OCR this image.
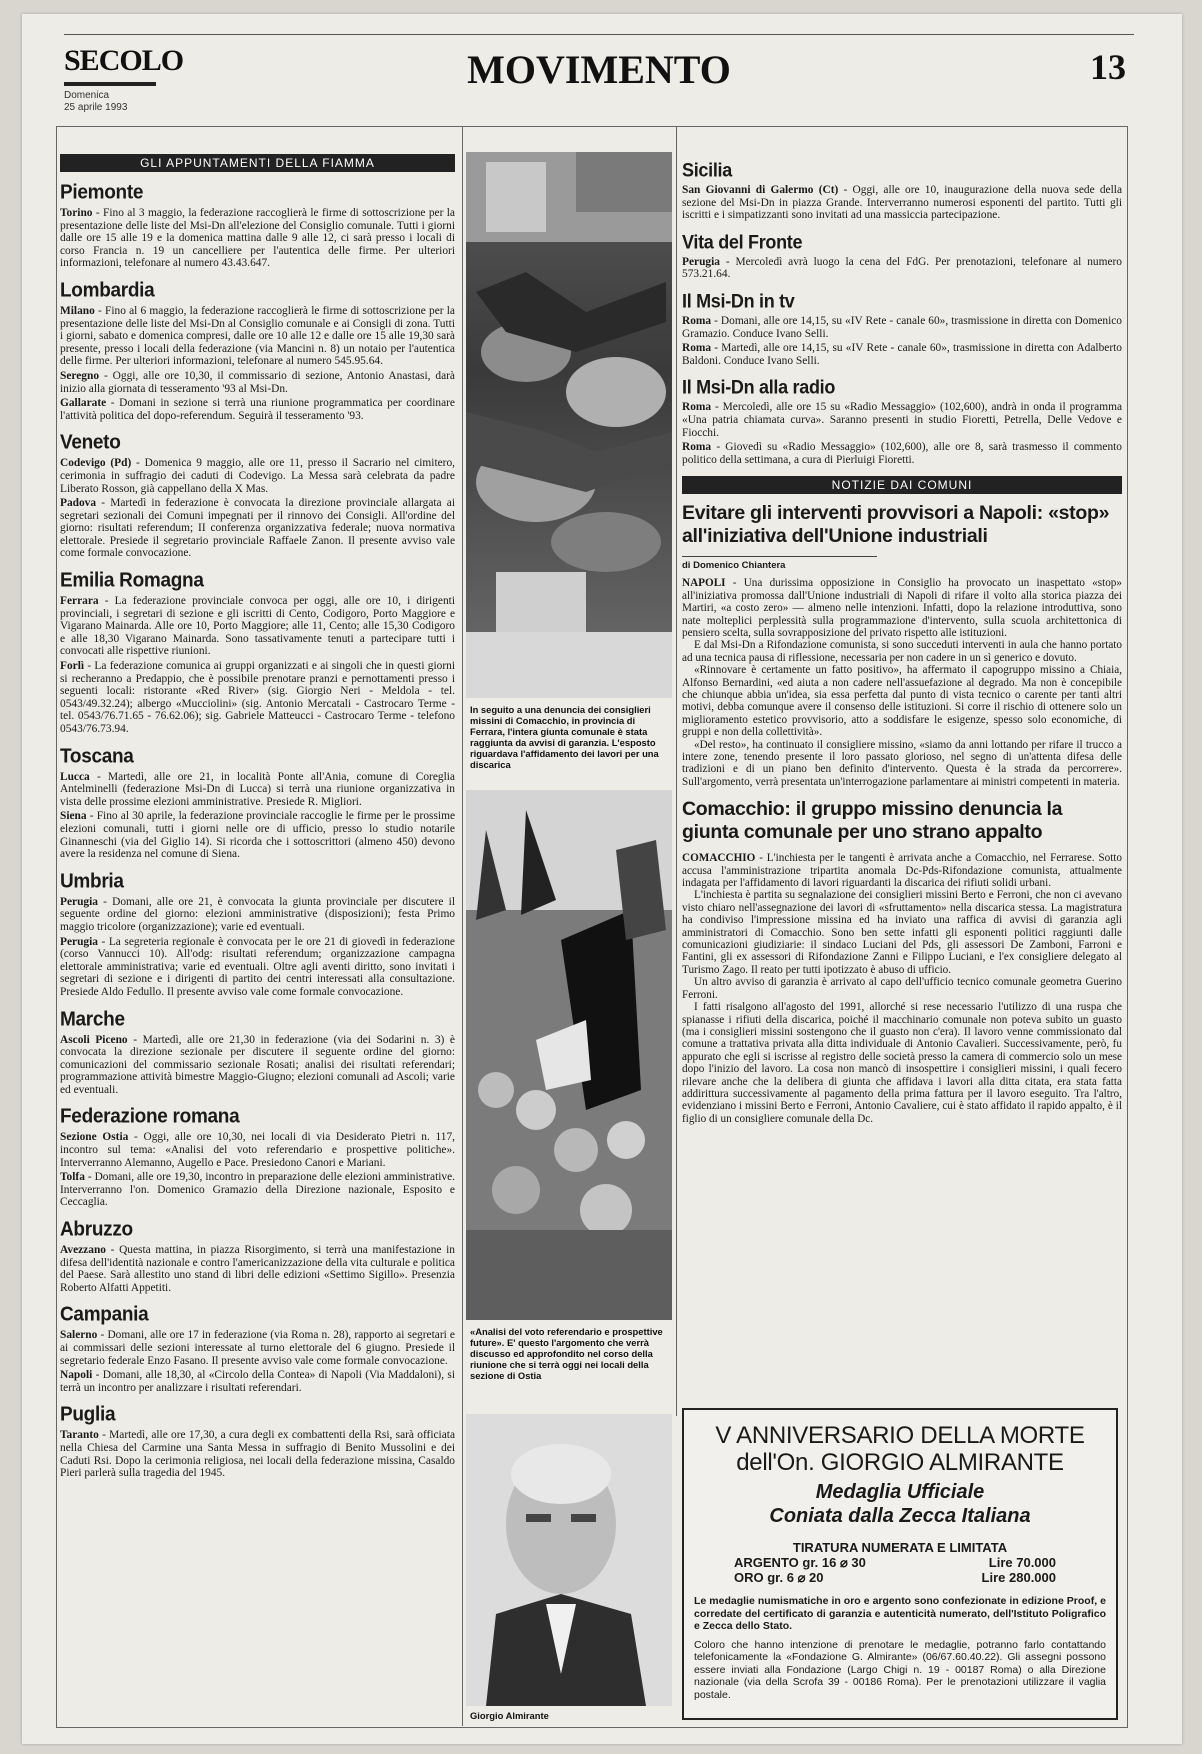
SECOLO
Domenica
25 aprile 1993
MOVIMENTO	13
GLI APPUNTAMENTI DELLA FIAMMA
Piemonte

Torino - Fino al 3 maggio, la federazione raccoglierà le firme di sottoscrizione per la presentazione delle liste del Msi-Dn all'elezione del Consiglio comunale. Tutti i giorni dalle ore 15 alle 19 e la domenica mattina dalle 9 alle 12, ci sarà presso i locali di corso Francia n. 19 un cancelliere per l'autentica delle firme. Per ulteriori informazioni, telefonare al numero 43.43.647.

Lombardia

Milano - Fino al 6 maggio, la federazione raccoglierà le firme di sottoscrizione per la presentazione delle liste del Msi-Dn al Consiglio comunale e ai Consigli di zona. Tutti i giorni, sabato e domenica compresi, dalle ore 10 alle 12 e dalle ore 15 alle 19,30 sarà presente, presso i locali della federazione (via Mancini n. 8) un notaio per l'autentica delle firme. Per ulteriori informazioni, telefonare al numero 545.95.64.

Seregno - Oggi, alle ore 10,30, il commissario di sezione, Antonio Anastasi, darà inizio alla giornata di tesseramento '93 al Msi-Dn.

Gallarate - Domani in sezione si terrà una riunione programmatica per coordinare l'attività politica del dopo-referendum. Seguirà il tesseramento '93.

Veneto

Codevigo (Pd) - Domenica 9 maggio, alle ore 11, presso il Sacrario nel cimitero, cerimonia in suffragio dei caduti di Codevigo. La Messa sarà celebrata da padre Liberato Rosson, già cappellano della X Mas.

Padova - Martedì in federazione è convocata la direzione provinciale allargata ai segretari sezionali dei Comuni impegnati per il rinnovo dei Consigli. All'ordine del giorno: risultati referendum; II conferenza organizzativa federale; nuova normativa elettorale. Presiede il segretario provinciale Raffaele Zanon. Il presente avviso vale come formale convocazione.

Emilia Romagna

Ferrara - La federazione provinciale convoca per oggi, alle ore 10, i dirigenti provinciali, i segretari di sezione e gli iscritti di Cento, Codigoro, Porto Maggiore e Vigarano Mainarda. Alle ore 10, Porto Maggiore; alle 11, Cento; alle 15,30 Codigoro e alle 18,30 Vigarano Mainarda. Sono tassativamente tenuti a partecipare tutti i convocati alle rispettive riunioni.

Forlì - La federazione comunica ai gruppi organizzati e ai singoli che in questi giorni si recheranno a Predappio, che è possibile prenotare pranzi e pernottamenti presso i seguenti locali: ristorante «Red River» (sig. Giorgio Neri - Meldola - tel. 0543/49.32.24); albergo «Mucciolini» (sig. Antonio Mercatali - Castrocaro Terme - tel. 0543/76.71.65 - 76.62.06); sig. Gabriele Matteucci - Castrocaro Terme - telefono 0543/76.73.94.

Toscana

Lucca - Martedì, alle ore 21, in località Ponte all'Ania, comune di Coreglia Antelminelli (federazione Msi-Dn di Lucca) si terrà una riunione organizzativa in vista delle prossime elezioni amministrative. Presiede R. Migliori.

Siena - Fino al 30 aprile, la federazione provinciale raccoglie le firme per le prossime elezioni comunali, tutti i giorni nelle ore di ufficio, presso lo studio notarile Ginanneschi (via del Giglio 14). Si ricorda che i sottoscrittori (almeno 450) devono avere la residenza nel comune di Siena.

Umbria

Perugia - Domani, alle ore 21, è convocata la giunta provinciale per discutere il seguente ordine del giorno: elezioni amministrative (disposizioni); festa Primo maggio tricolore (organizzazione); varie ed eventuali.

Perugia - La segreteria regionale è convocata per le ore 21 di giovedì in federazione (corso Vannucci 10). All'odg: risultati referendum; organizzazione campagna elettorale amministrativa; varie ed eventuali. Oltre agli aventi diritto, sono invitati i segretari di sezione e i dirigenti di partito dei centri interessati alla consultazione. Presiede Aldo Fedullo. Il presente avviso vale come formale convocazione.

Marche

Ascoli Piceno - Martedì, alle ore 21,30 in federazione (via dei Sodarini n. 3) è convocata la direzione sezionale per discutere il seguente ordine del giorno: comunicazioni del commissario sezionale Rosati; analisi dei risultati referendari; programmazione attività bimestre Maggio-Giugno; elezioni comunali ad Ascoli; varie ed eventuali.

Federazione romana

Sezione Ostia - Oggi, alle ore 10,30, nei locali di via Desiderato Pietri n. 117, incontro sul tema: «Analisi del voto referendario e prospettive politiche». Interverranno Alemanno, Augello e Pace. Presiedono Canori e Mariani.

Tolfa - Domani, alle ore 19,30, incontro in preparazione delle elezioni amministrative. Interverranno l'on. Domenico Gramazio della Direzione nazionale, Esposito e Ceccaglia.

Abruzzo

Avezzano - Questa mattina, in piazza Risorgimento, si terrà una manifestazione in difesa dell'identità nazionale e contro l'americanizzazione della vita culturale e politica del Paese. Sarà allestito uno stand di libri delle edizioni «Settimo Sigillo». Presenzia Roberto Alfatti Appetiti.

Campania

Salerno - Domani, alle ore 17 in federazione (via Roma n. 28), rapporto ai segretari e ai commissari delle sezioni interessate al turno elettorale del 6 giugno. Presiede il segretario federale Enzo Fasano. Il presente avviso vale come formale convocazione.

Napoli - Domani, alle 18,30, al «Circolo della Contea» di Napoli (Via Maddaloni), si terrà un incontro per analizzare i risultati referendari.

Puglia

Taranto - Martedì, alle ore 17,30, a cura degli ex combattenti della Rsi, sarà officiata nella Chiesa del Carmine una Santa Messa in suffragio di Benito Mussolini e dei Caduti Rsi. Dopo la cerimonia religiosa, nei locali della federazione missina, Casaldo Pieri parlerà sulla tragedia del 1945.

In seguito a una denuncia dei consiglieri missini di Comacchio, in provincia di Ferrara, l'intera giunta comunale è stata raggiunta da avvisi di garanzia. L'esposto riguardava l'affidamento dei lavori per una discarica
«Analisi del voto referendario e prospettive future». E' questo l'argomento che verrà discusso ed approfondito nel corso della riunione che si terrà oggi nei locali della sezione di Ostia
Giorgio Almirante
Sicilia

San Giovanni di Galermo (Ct) - Oggi, alle ore 10, inaugurazione della nuova sede della sezione del Msi-Dn in piazza Grande. Interverranno numerosi esponenti del partito. Tutti gli iscritti e i simpatizzanti sono invitati ad una massiccia partecipazione.

Vita del Fronte

Perugia - Mercoledì avrà luogo la cena del FdG. Per prenotazioni, telefonare al numero 573.21.64.

Il Msi-Dn in tv

Roma - Domani, alle ore 14,15, su «IV Rete - canale 60», trasmissione in diretta con Domenico Gramazio. Conduce Ivano Selli.

Roma - Martedì, alle ore 14,15, su «IV Rete - canale 60», trasmissione in diretta con Adalberto Baldoni. Conduce Ivano Selli.

Il Msi-Dn alla radio

Roma - Mercoledì, alle ore 15 su «Radio Messaggio» (102,600), andrà in onda il programma «Una patria chiamata curva». Saranno presenti in studio Fioretti, Petrella, Delle Vedove e Fiocchi.

Roma - Giovedì su «Radio Messaggio» (102,600), alle ore 8, sarà trasmesso il commento politico della settimana, a cura di Pierluigi Fioretti.

NOTIZIE DAI COMUNI
Evitare gli interventi provvisori a Napoli: «stop» all'iniziativa dell'Unione industriali
di Domenico Chiantera

NAPOLI - Una durissima opposizione in Consiglio ha provocato un inaspettato «stop» all'iniziativa promossa dall'Unione industriali di Napoli di rifare il volto alla storica piazza dei Martiri, «a costo zero» — almeno nelle intenzioni. Infatti, dopo la relazione introduttiva, sono nate molteplici perplessità sulla programmazione d'intervento, sulla scuola architettonica di pensiero scelta, sulla sovrapposizione del privato rispetto alle istituzioni.

E dal Msi-Dn a Rifondazione comunista, si sono succeduti interventi in aula che hanno portato ad una tecnica pausa di riflessione, necessaria per non cadere in un sì generico e dovuto.

«Rinnovare è certamente un fatto positivo», ha affermato il capogruppo missino a Chiaia, Alfonso Bernardini, «ed aiuta a non cadere nell'assuefazione al degrado. Ma non è concepibile che chiunque abbia un'idea, sia essa perfetta dal punto di vista tecnico o carente per tanti altri motivi, debba comunque avere il consenso delle istituzioni. Si corre il rischio di ottenere solo un miglioramento estetico provvisorio, atto a soddisfare le esigenze, spesso solo economiche, di gruppi e non della collettività».

«Del resto», ha continuato il consigliere missino, «siamo da anni lottando per rifare il trucco a intere zone, tenendo presente il loro passato glorioso, nel segno di un'attenta difesa delle tradizioni e di un piano ben definito d'intervento. Questa è la strada da percorrere». Sull'argomento, verrà presentata un'interrogazione parlamentare ai ministri competenti in materia.

Comacchio: il gruppo missino denuncia la giunta comunale per uno strano appalto

COMACCHIO - L'inchiesta per le tangenti è arrivata anche a Comacchio, nel Ferrarese. Sotto accusa l'amministrazione tripartita anomala Dc-Pds-Rifondazione comunista, attualmente indagata per l'affidamento di lavori riguardanti la discarica dei rifiuti solidi urbani.

L'inchiesta è partita su segnalazione dei consiglieri missini Berto e Ferroni, che non ci avevano visto chiaro nell'assegnazione dei lavori di «sfruttamento» nella discarica stessa. La magistratura ha condiviso l'impressione missina ed ha inviato una raffica di avvisi di garanzia agli amministratori di Comacchio. Sono ben sette infatti gli esponenti politici raggiunti dalle comunicazioni giudiziarie: il sindaco Luciani del Pds, gli assessori De Zamboni, Farroni e Fantini, gli ex assessori di Rifondazione Zanni e Filippo Luciani, e l'ex consigliere delegato al Turismo Zago. Il reato per tutti ipotizzato è abuso di ufficio.

Un altro avviso di garanzia è arrivato al capo dell'ufficio tecnico comunale geometra Guerino Ferroni.

I fatti risalgono all'agosto del 1991, allorché si rese necessario l'utilizzo di una ruspa che spianasse i rifiuti della discarica, poiché il macchinario comunale non poteva subito un guasto (ma i consiglieri missini sostengono che il guasto non c'era). Il lavoro venne commissionato dal comune a trattativa privata alla ditta individuale di Antonio Cavalieri. Successivamente, però, fu appurato che egli si iscrisse al registro delle società presso la camera di commercio solo un mese dopo l'inizio del lavoro. La cosa non mancò di insospettire i consiglieri missini, i quali fecero rilevare anche che la delibera di giunta che affidava i lavori alla ditta citata, era stata fatta addirittura successivamente al pagamento della prima fattura per il lavoro eseguito. Tra l'altro, evidenziano i missini Berto e Ferroni, Antonio Cavaliere, cui è stato affidato il rapido appalto, è il figlio di un consigliere comunale della Dc.

V ANNIVERSARIO DELLA MORTE
dell'On. GIORGIO ALMIRANTE
Medaglia Ufficiale
Coniata dalla Zecca Italiana
TIRATURA NUMERATA E LIMITATA
ARGENTO gr. 16 ⌀ 30	Lire 70.000
ORO gr. 6 ⌀ 20	Lire 280.000
Le medaglie numismatiche in oro e argento sono confezionate in edizione Proof, e corredate del certificato di garanzia e autenticità numerato, dell'Istituto Poligrafico e Zecca dello Stato.
Coloro che hanno intenzione di prenotare le medaglie, potranno farlo contattando telefonicamente la «Fondazione G. Almirante» (06/67.60.40.22). Gli assegni possono essere inviati alla Fondazione (Largo Chigi n. 19 - 00187 Roma) o alla Direzione nazionale (via della Scrofa 39 - 00186 Roma). Per le prenotazioni utilizzare il vaglia postale.
